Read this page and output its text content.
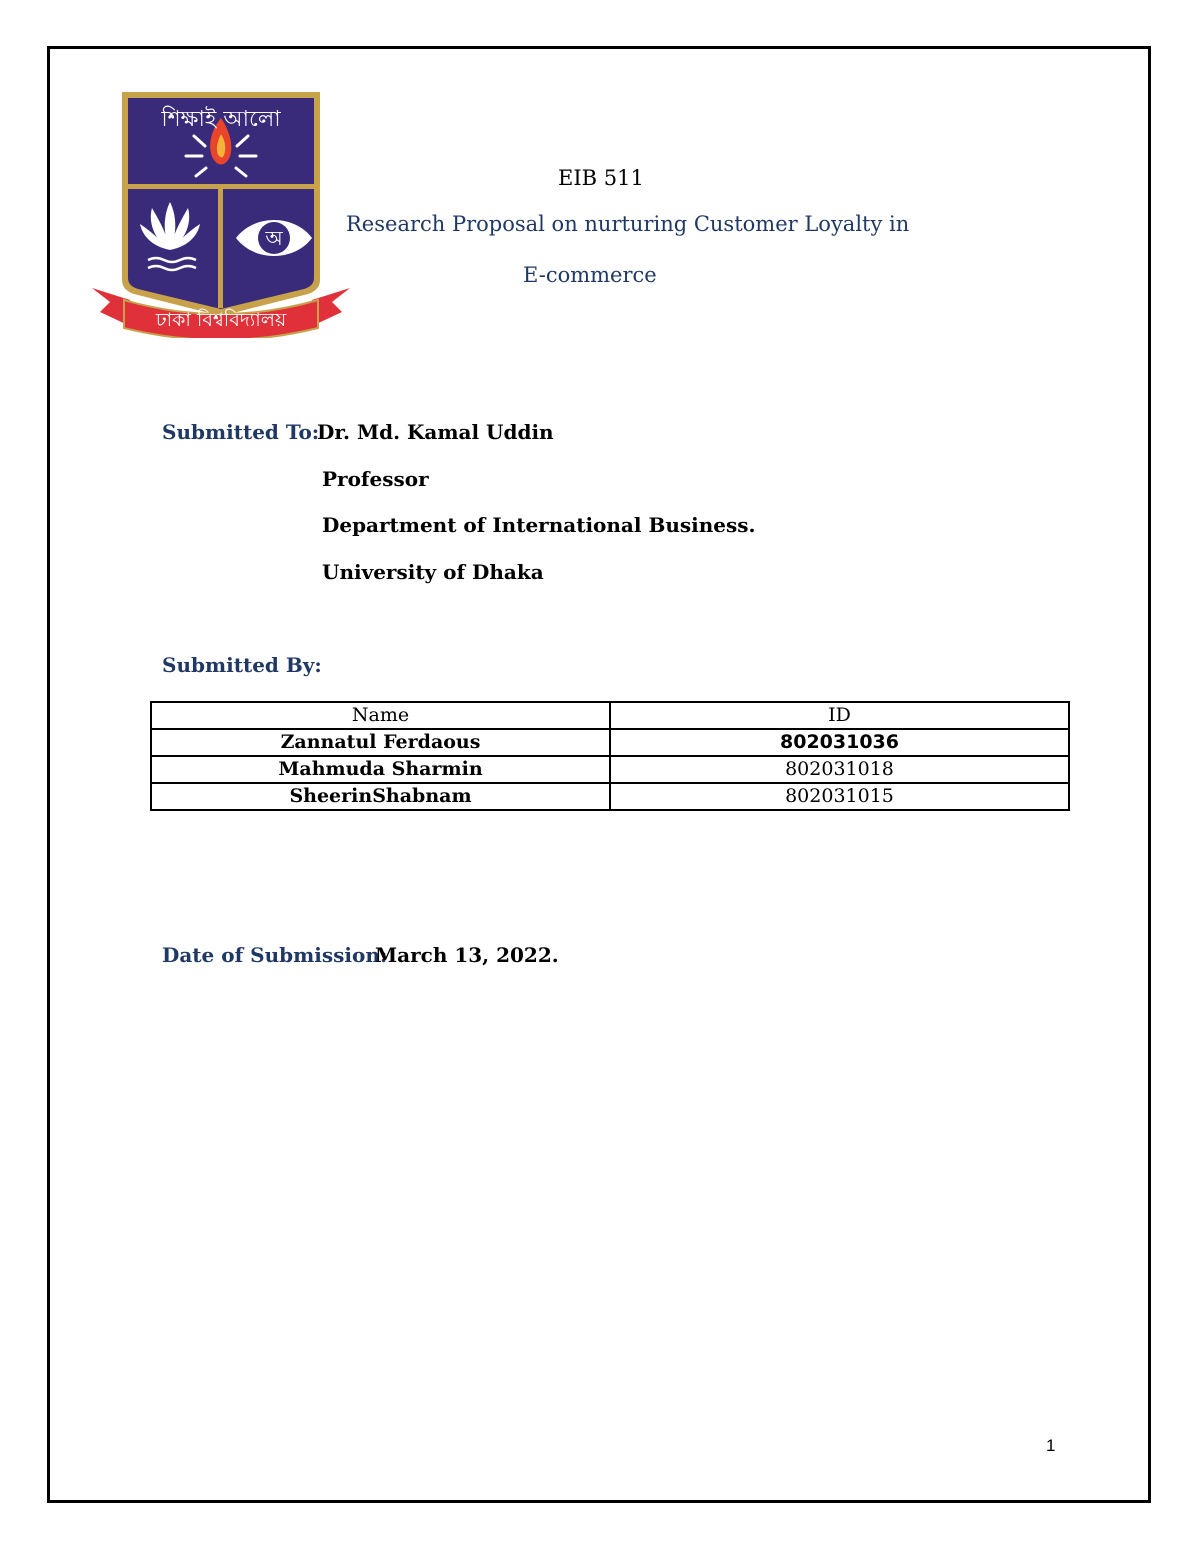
শিক্ষাই আলো
অ
ঢাকা বিশ্ববিদ্যালয়
EIB 511
Research Proposal on nurturing Customer Loyalty in
E-commerce
Submitted To:
Dr. Md. Kamal Uddin
Professor
Department of International Business.
University of Dhaka
Submitted By:
Name	ID
Zannatul Ferdaous	802031036
Mahmuda Sharmin	802031018
SheerinShabnam	802031015
Date of Submission:
March 13, 2022.
1
